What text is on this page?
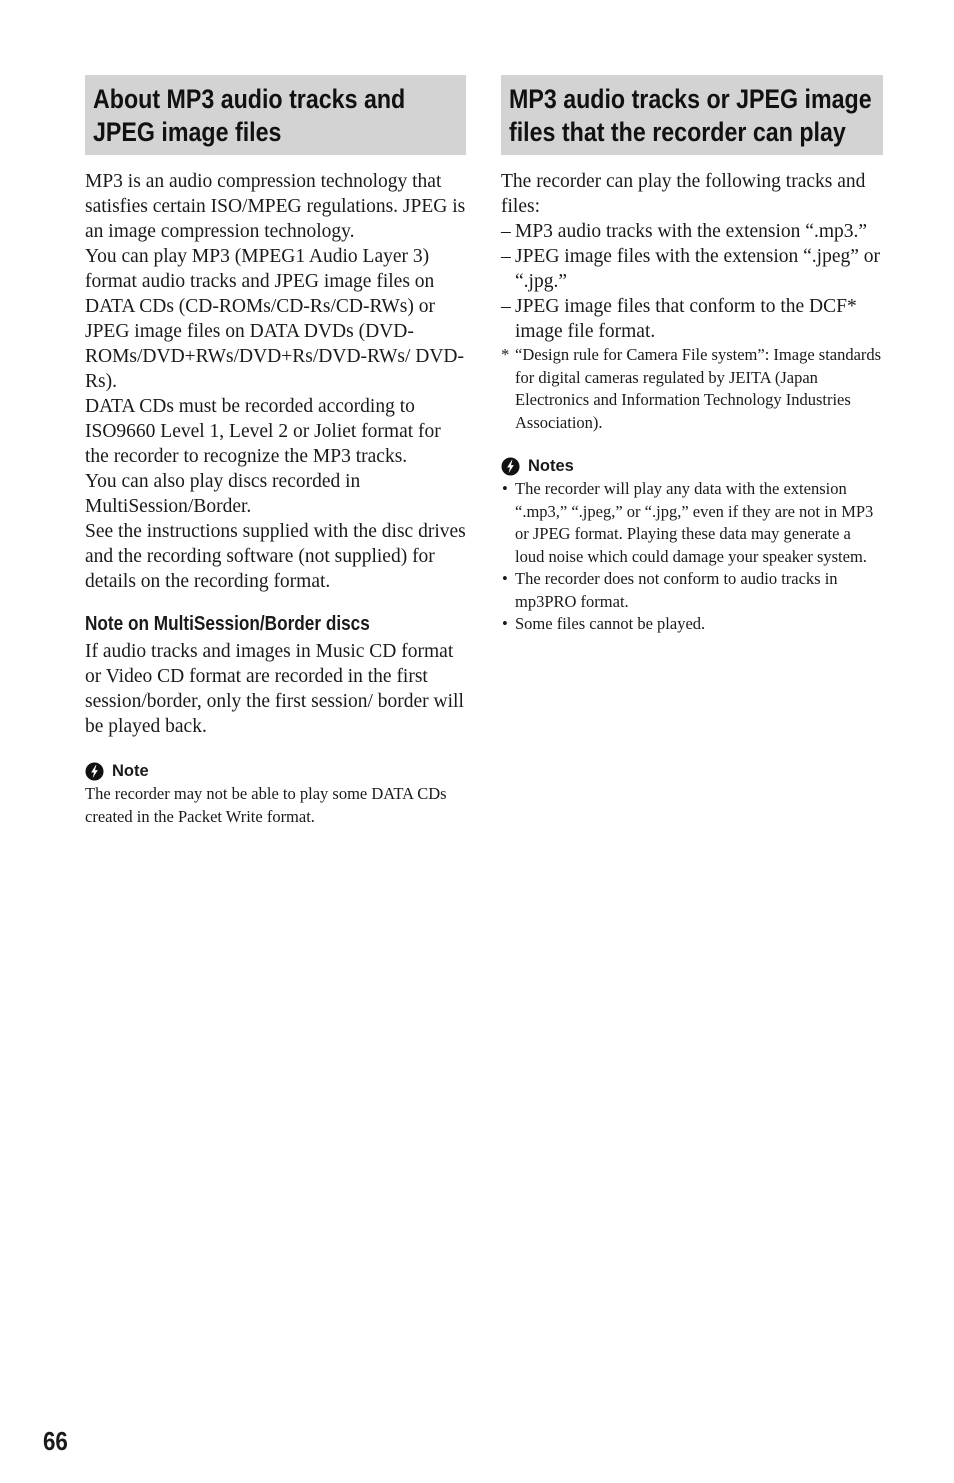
About MP3 audio tracks and JPEG image files

MP3 is an audio compression technology that satisfies certain ISO/MPEG regulations. JPEG is an image compression technology.

You can play MP3 (MPEG1 Audio Layer 3) format audio tracks and JPEG image files on DATA CDs (CD-ROMs/CD-Rs/CD-RWs) or JPEG image files on DATA DVDs (DVD-ROMs/DVD+RWs/DVD+Rs/DVD-RWs/ DVD-Rs).

DATA CDs must be recorded according to ISO9660 Level 1, Level 2 or Joliet format for the recorder to recognize the MP3 tracks.

You can also play discs recorded in MultiSession/Border.

See the instructions supplied with the disc drives and the recording software (not supplied) for details on the recording format.

Note on MultiSession/Border discs

If audio tracks and images in Music CD format or Video CD format are recorded in the first session/border, only the first session/ border will be played back.

Note

The recorder may not be able to play some DATA CDs created in the Packet Write format.

MP3 audio tracks or JPEG image files that the recorder can play

The recorder can play the following tracks and files:

– MP3 audio tracks with the extension “.mp3.”
– JPEG image files with the extension “.jpeg” or “.jpg.”
– JPEG image files that conform to the DCF* image file format.
* “Design rule for Camera File system”: Image standards for digital cameras regulated by JEITA (Japan Electronics and Information Technology Industries Association).
Notes
• The recorder will play any data with the extension “.mp3,” “.jpeg,” or “.jpg,” even if they are not in MP3 or JPEG format. Playing these data may generate a loud noise which could damage your speaker system.
• The recorder does not conform to audio tracks in mp3PRO format.
• Some files cannot be played.
66
